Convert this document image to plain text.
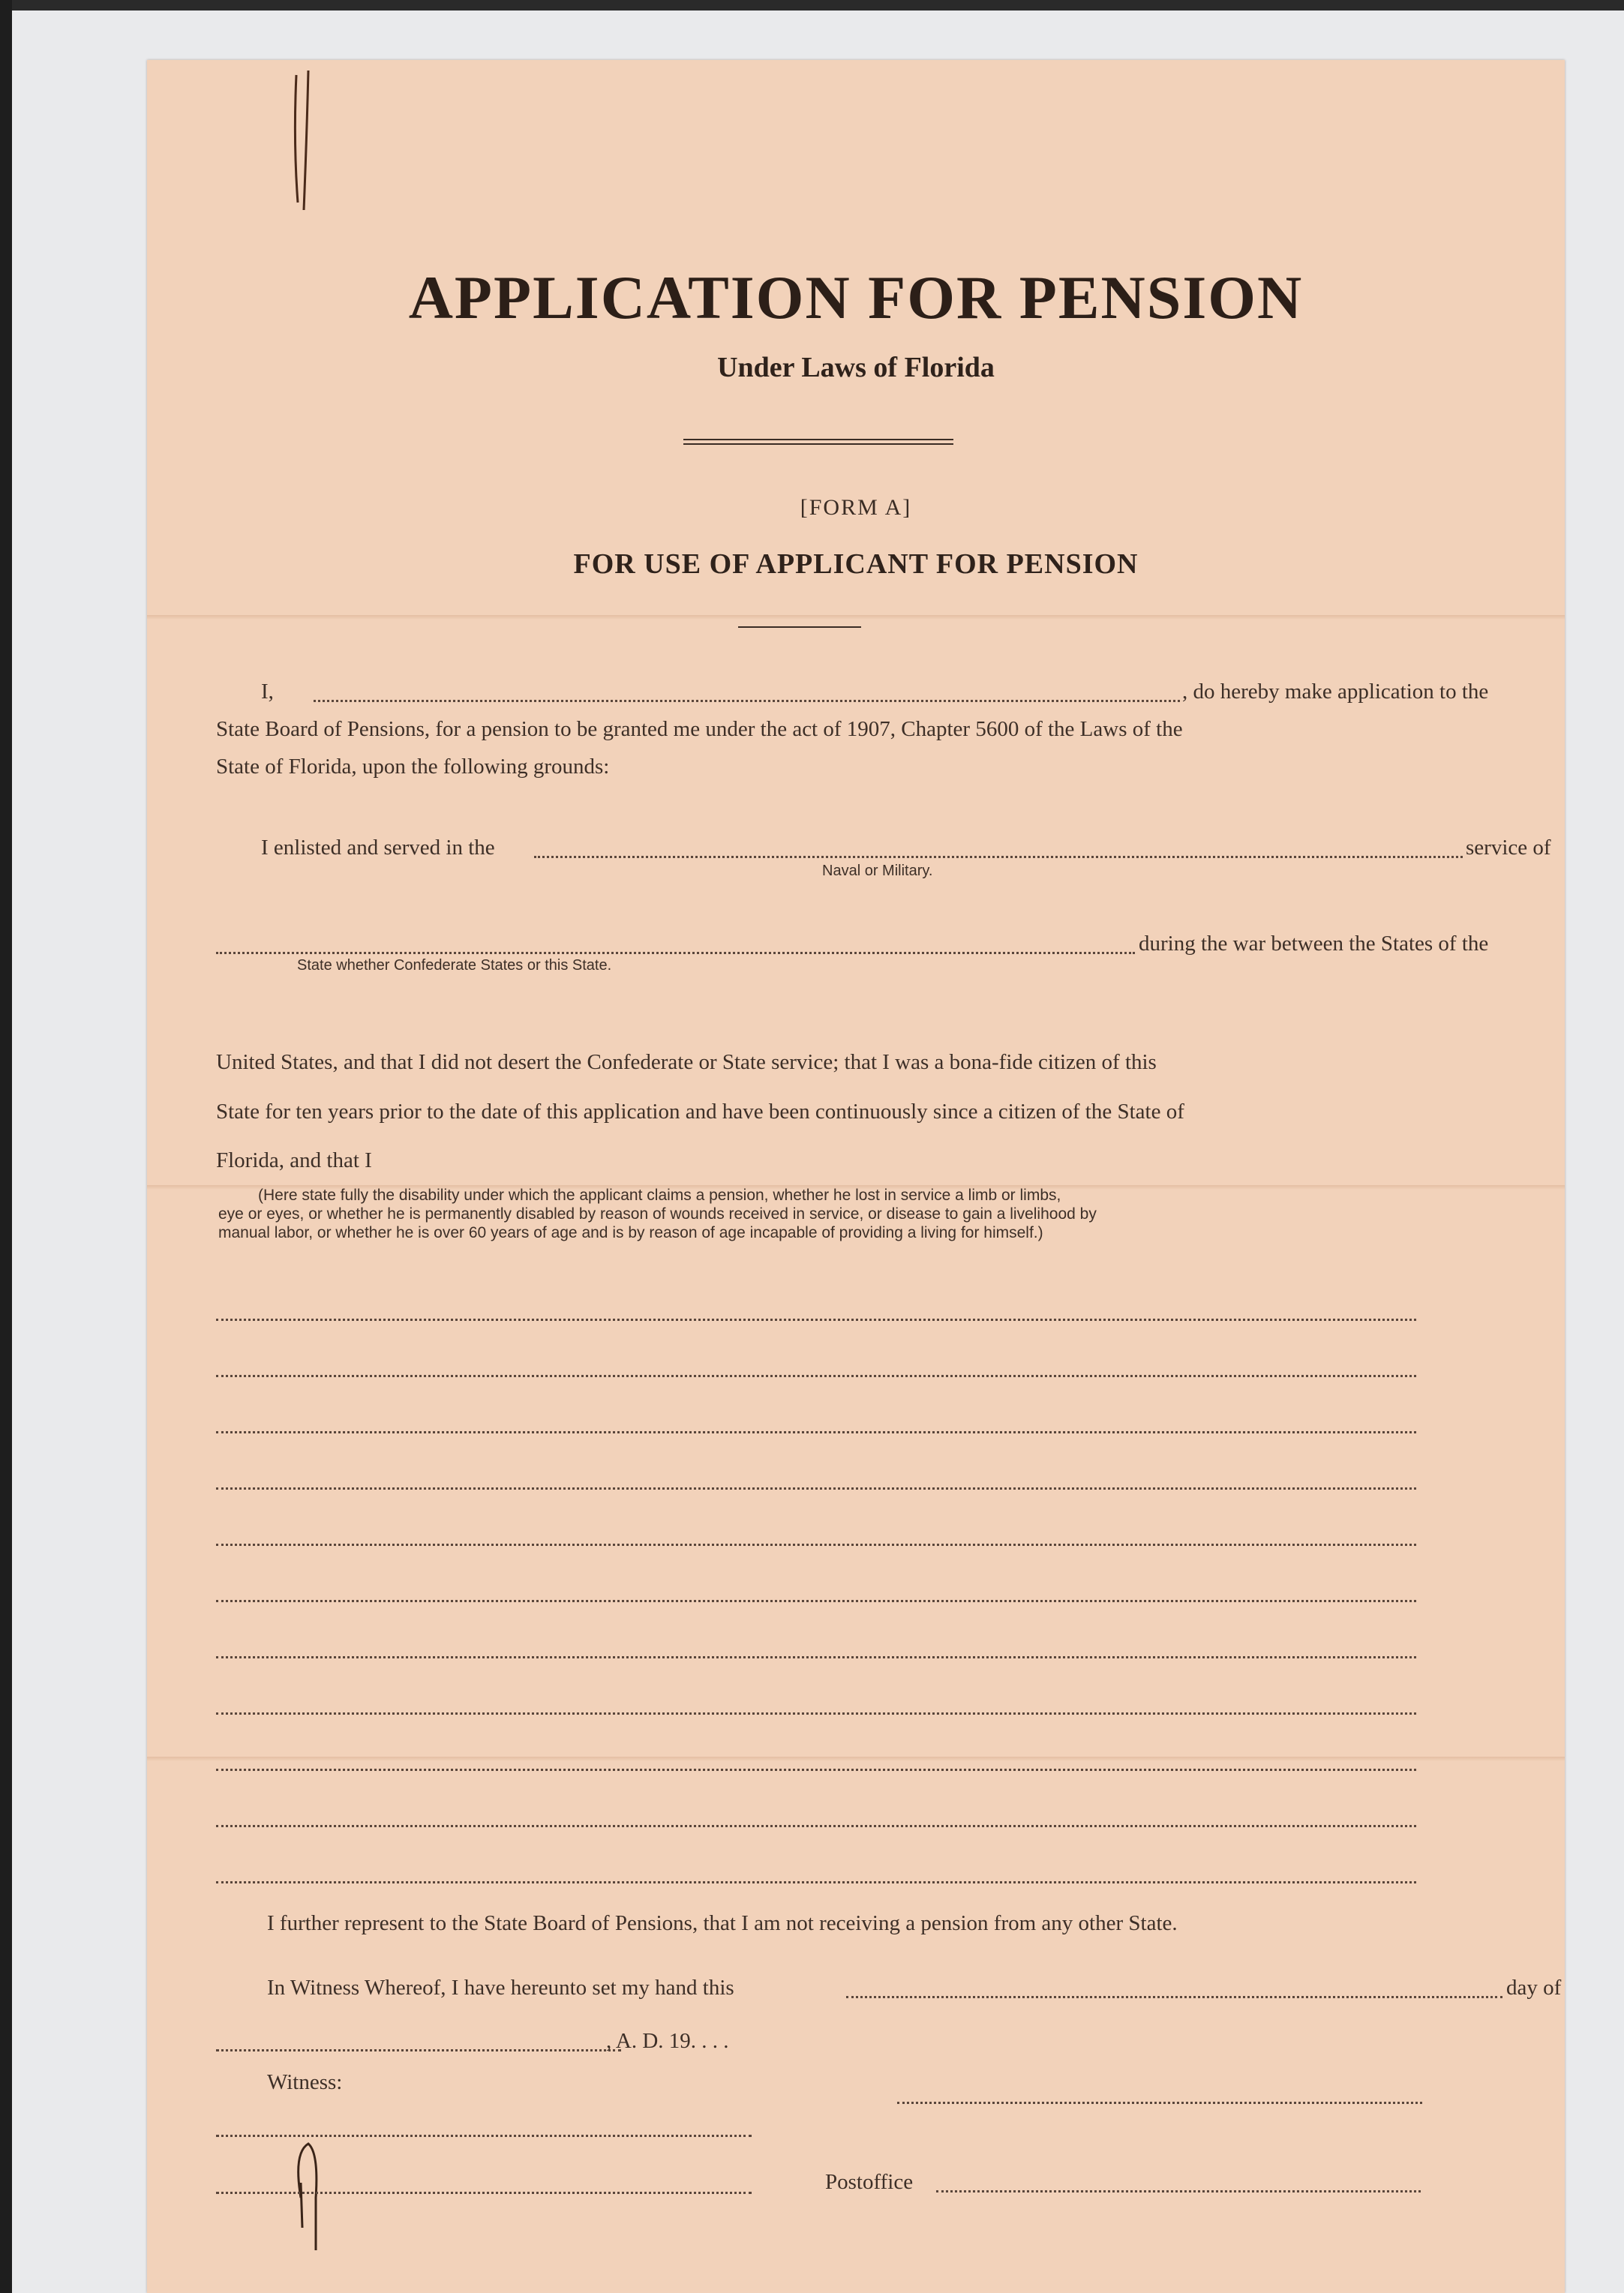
APPLICATION FOR PENSION
Under Laws of Florida
[FORM A]
FOR USE OF APPLICANT FOR PENSION
I,	, do hereby make application to the
State Board of Pensions, for a pension to be granted me under the act of 1907, Chapter 5600 of the Laws of the
State of Florida, upon the following grounds:
I enlisted and served in the	service of
Naval or Military.
during the war between the States of the
State whether Confederate States or this State.
United States, and that I did not desert the Confederate or State service; that I was a bona-fide citizen of this
State for ten years prior to the date of this application and have been continuously since a citizen of the State of
Florida, and that I
(Here state fully the disability under which the applicant claims a pension, whether he lost in service a limb or limbs,
eye or eyes, or whether he is permanently disabled by reason of wounds received in service, or disease to gain a livelihood by
manual labor, or whether he is over 60 years of age and is by reason of age incapable of providing a living for himself.)
I further represent to the State Board of Pensions, that I am not receiving a pension from any other State.
In Witness Whereof, I have hereunto set my hand this	day of
, A. D. 19. . . .
Witness:
Postoffice
